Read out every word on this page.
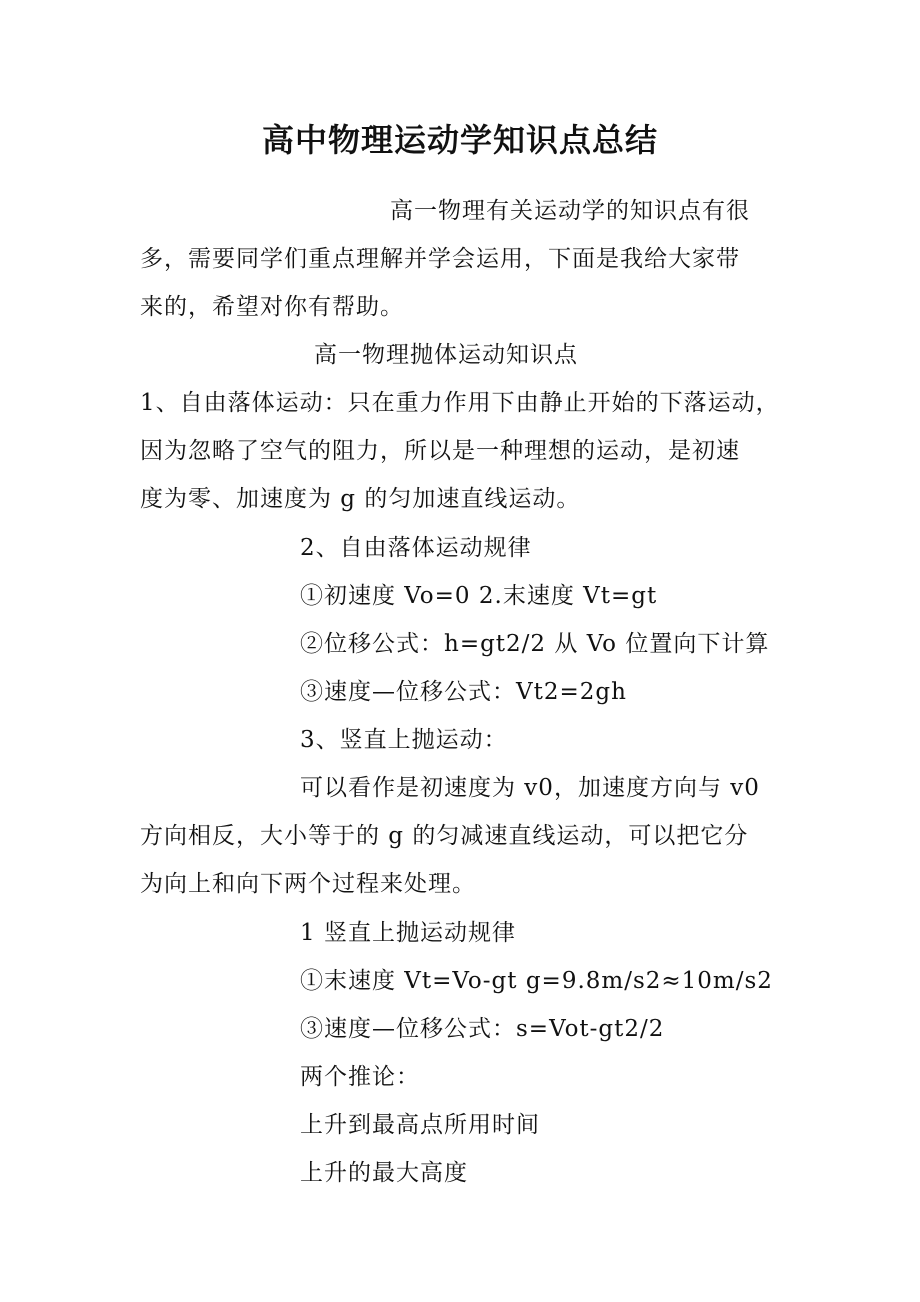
高中物理运动学知识点总结
高一物理有关运动学的知识点有很
多，需要同学们重点理解并学会运用，下面是我给大家带
来的，希望对你有帮助。
高一物理抛体运动知识点
1、自由落体运动：只在重力作用下由静止开始的下落运动，
因为忽略了空气的阻力，所以是一种理想的运动，是初速
度为零、加速度为 g 的匀加速直线运动。
2、自由落体运动规律
①初速度 Vo=0 2.末速度 Vt=gt
②位移公式：h=gt2/2 从 Vo 位置向下计算
③速度—位移公式：Vt2=2gh
3、竖直上抛运动：
可以看作是初速度为 v0，加速度方向与 v0
方向相反，大小等于的 g 的匀减速直线运动，可以把它分
为向上和向下两个过程来处理。
1 竖直上抛运动规律
①末速度 Vt=Vo-gt g=9.8m/s2≈10m/s2
③速度—位移公式：s=Vot-gt2/2
两个推论：
上升到最高点所用时间
上升的最大高度
